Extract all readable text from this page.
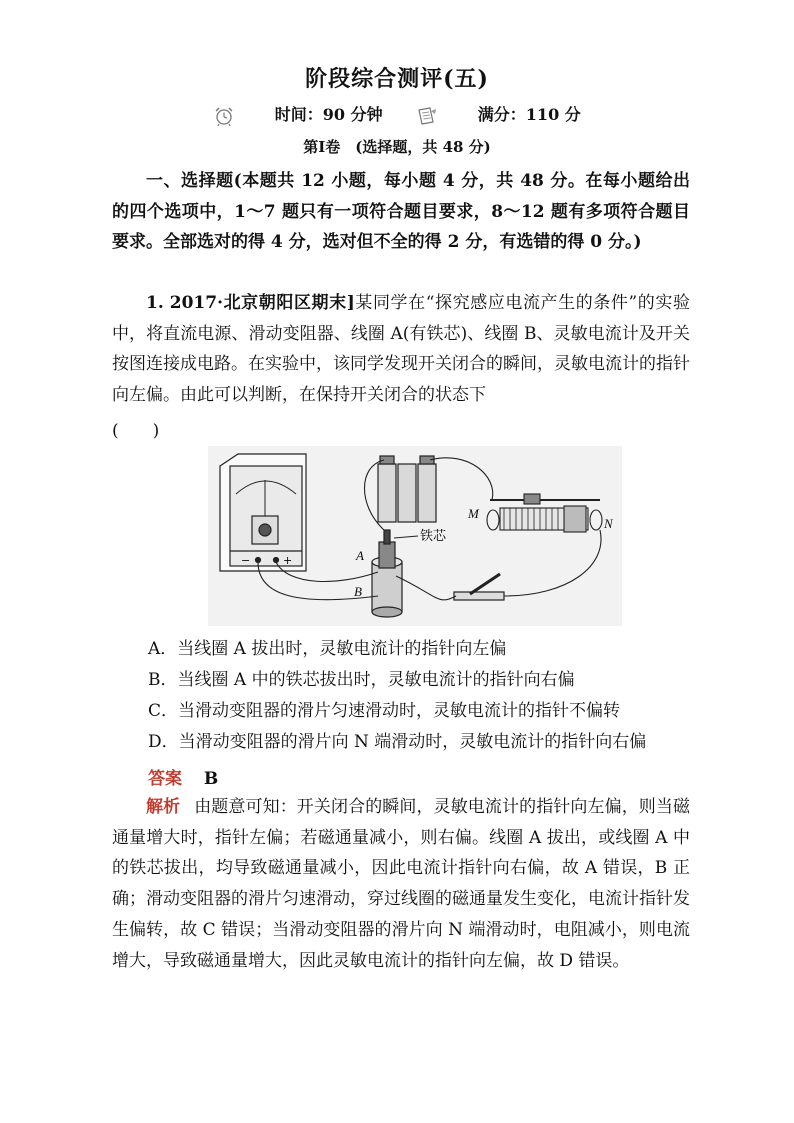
阶段综合测评(五)
时间：90 分钟	满分：110 分
第Ⅰ卷　(选择题，共 48 分)
一、选择题(本题共 12 小题，每小题 4 分，共 48 分。在每小题给出的四个选项中，1～7 题只有一项符合题目要求，8～12 题有多项符合题目要求。全部选对的得 4 分，选对但不全的得 2 分，有选错的得 0 分。)
1. 2017·北京朝阳区期末]某同学在“探究感应电流产生的条件”的实验中，将直流电源、滑动变阻器、线圈 A(有铁芯)、线圈 B、灵敏电流计及开关按图连接成电路。在实验中，该同学发现开关闭合的瞬间，灵敏电流计的指针向左偏。由此可以判断，在保持开关闭合的状态下
(　　)
−	+
M
N
铁芯
A
B
A．当线圈 A 拔出时，灵敏电流计的指针向左偏
B．当线圈 A 中的铁芯拔出时，灵敏电流计的指针向右偏
C．当滑动变阻器的滑片匀速滑动时，灵敏电流计的指针不偏转
D．当滑动变阻器的滑片向 N 端滑动时，灵敏电流计的指针向右偏
答案 B
解析 由题意可知：开关闭合的瞬间，灵敏电流计的指针向左偏，则当磁通量增大时，指针左偏；若磁通量减小，则右偏。线圈 A 拔出，或线圈 A 中的铁芯拔出，均导致磁通量减小，因此电流计指针向右偏，故 A 错误，B 正确；滑动变阻器的滑片匀速滑动，穿过线圈的磁通量发生变化，电流计指针发生偏转，故 C 错误；当滑动变阻器的滑片向 N 端滑动时，电阻减小，则电流增大，导致磁通量增大，因此灵敏电流计的指针向左偏，故 D 错误。
